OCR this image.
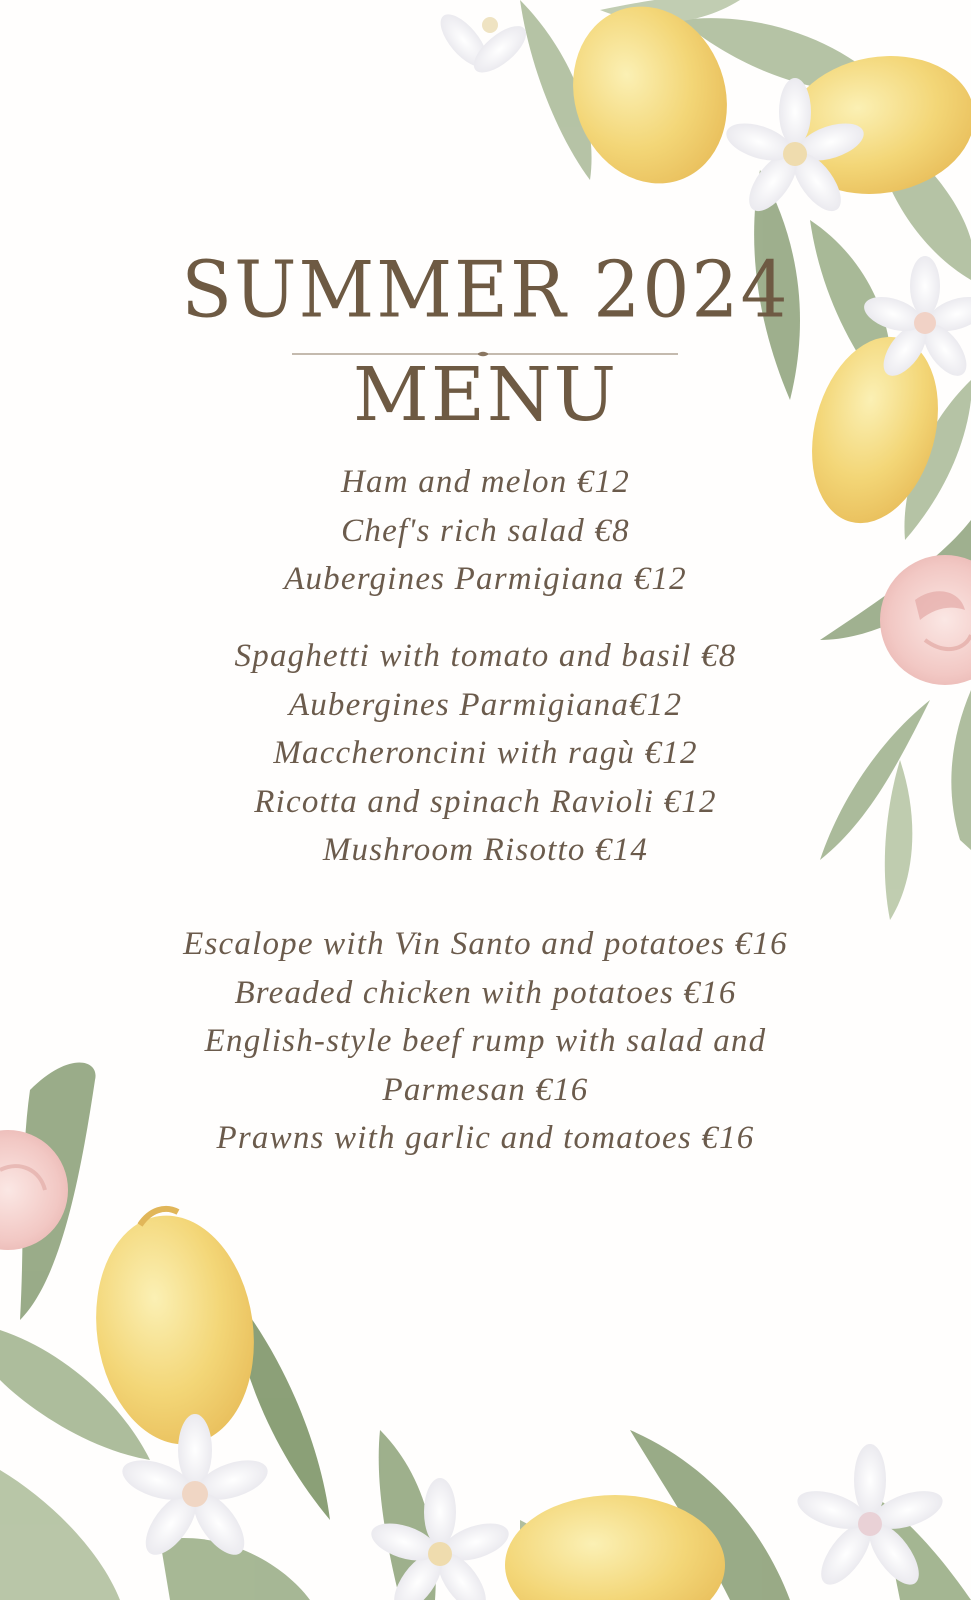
SUMMER 2024
MENU
Ham and melon €12
Chef's rich salad €8
Aubergines Parmigiana €12
Spaghetti with tomato and basil €8
Aubergines Parmigiana€12
Maccheroncini with ragù €12
Ricotta and spinach Ravioli €12
Mushroom Risotto €14
Escalope with Vin Santo and potatoes €16
Breaded chicken with potatoes €16
English-style beef rump with salad and
Parmesan €16
Prawns with garlic and tomatoes €16
